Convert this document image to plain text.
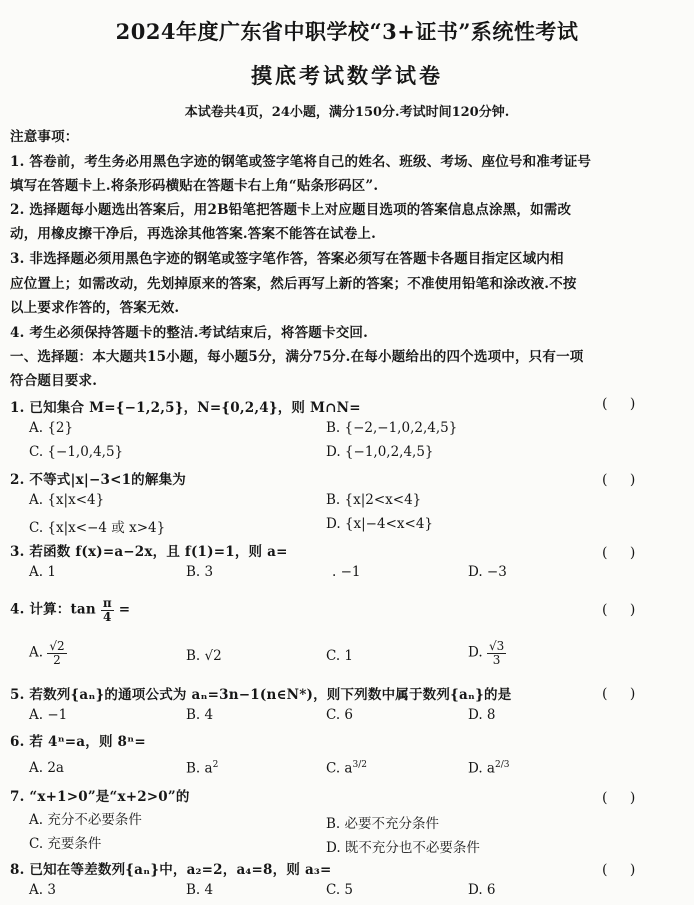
2024年度广东省中职学校“3+证书”系统性考试
摸底考试数学试卷
本试卷共4页，24小题，满分150分.考试时间120分钟.
注意事项：
1. 答卷前，考生务必用黑色字迹的钢笔或签字笔将自己的姓名、班级、考场、座位号和准考证号
填写在答题卡上.将条形码横贴在答题卡右上角“贴条形码区”.
2. 选择题每小题选出答案后，用2B铅笔把答题卡上对应题目选项的答案信息点涂黑，如需改
动，用橡皮擦干净后，再选涂其他答案.答案不能答在试卷上.
3. 非选择题必须用黑色字迹的钢笔或签字笔作答，答案必须写在答题卡各题目指定区域内相
应位置上；如需改动，先划掉原来的答案，然后再写上新的答案；不准使用铅笔和涂改液.不按
以上要求作答的，答案无效.
4. 考生必须保持答题卡的整洁.考试结束后，将答题卡交回.
一、选择题：本大题共15小题，每小题5分，满分75分.在每小题给出的四个选项中，只有一项
符合题目要求.
1. 已知集合 M={−1,2,5}，N={0,2,4}，则 M∩N=	( )
A. {2}	B. {−2,−1,0,2,4,5}
C. {−1,0,4,5}	D. {−1,0,2,4,5}
2. 不等式|x|−3<1的解集为	( )
A. {x|x<4}	B. {x|2<x<4}
C. {x|x<−4 或 x>4}	D. {x|−4<x<4}
3. 若函数 f(x)=a−2x，且 f(1)=1，则 a=	( )
A. 1	B. 3	. −1	D. −3
4. 计算：$\tan \frac{\pi}{4}$ =	( )
A. $\frac{√2}{2}$	B. √2	C. 1	D. $\frac{√3}{3}$
5. 若数列{aₙ}的通项公式为 aₙ=3n−1(n∈N*)，则下列数中属于数列{aₙ}的是	( )
A. −1	B. 4	C. 6	D. 8
6. 若 4ⁿ=a，则 8ⁿ=
A. 2a	B. $a^2$	C. $a^{3/2}$	D. $a^{2/3}$
7. “x+1>0”是“x+2>0”的	( )
A. 充分不必要条件	B. 必要不充分条件
C. 充要条件	D. 既不充分也不必要条件
8. 已知在等差数列{aₙ}中，a₂=2，a₄=8，则 a₃=	( )
A. 3	B. 4	C. 5	D. 6
